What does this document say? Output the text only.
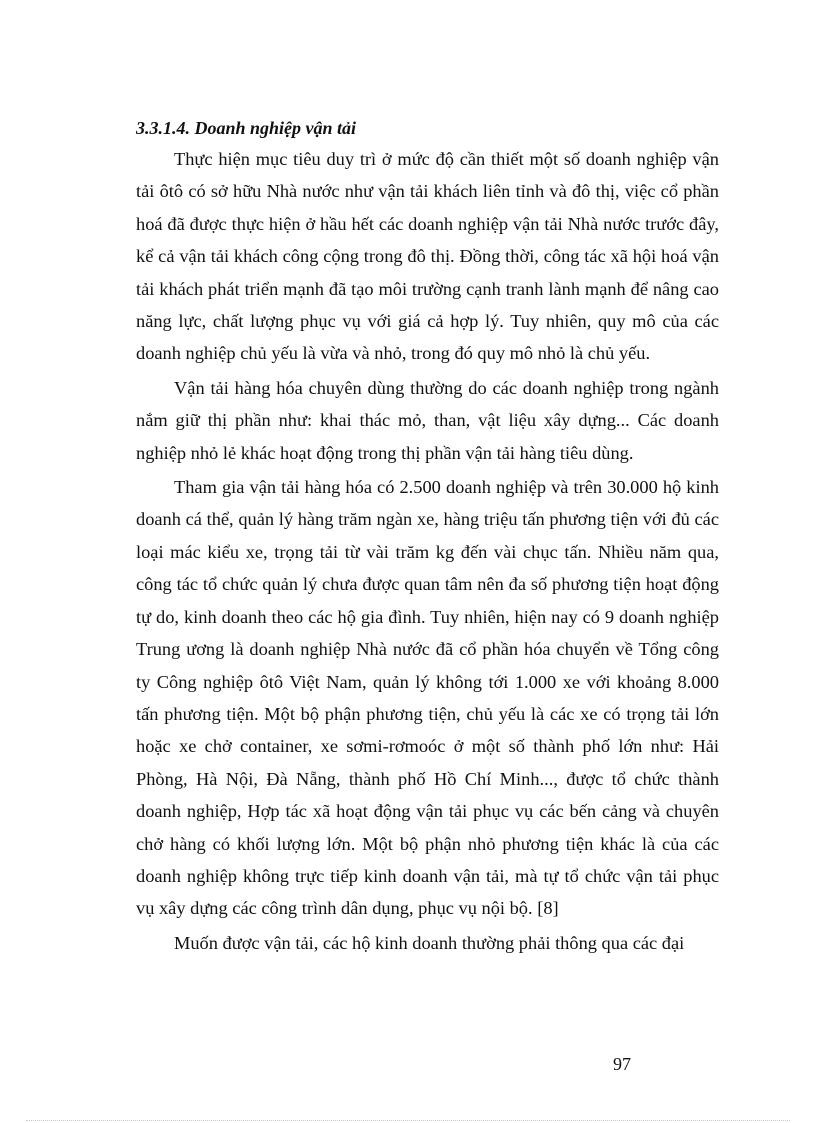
3.3.1.4. Doanh nghiệp vận tải

Thực hiện mục tiêu duy trì ở mức độ cần thiết một số doanh nghiệp vận tải ôtô có sở hữu Nhà nước như vận tải khách liên tỉnh và đô thị, việc cổ phần hoá đã được thực hiện ở hầu hết các doanh nghiệp vận tải Nhà nước trước đây, kể cả vận tải khách công cộng trong đô thị. Đồng thời, công tác xã hội hoá vận tải khách phát triển mạnh đã tạo môi trường cạnh tranh lành mạnh để nâng cao năng lực, chất lượng phục vụ với giá cả hợp lý. Tuy nhiên, quy mô của các doanh nghiệp chủ yếu là vừa và nhỏ, trong đó quy mô nhỏ là chủ yếu.

Vận tải hàng hóa chuyên dùng thường do các doanh nghiệp trong ngành nắm giữ thị phần như: khai thác mỏ, than, vật liệu xây dựng... Các doanh nghiệp nhỏ lẻ khác hoạt động trong thị phần vận tải hàng tiêu dùng.

Tham gia vận tải hàng hóa có 2.500 doanh nghiệp và trên 30.000 hộ kinh doanh cá thể, quản lý hàng trăm ngàn xe, hàng triệu tấn phương tiện với đủ các loại mác kiểu xe, trọng tải từ vài trăm kg đến vài chục tấn. Nhiều năm qua, công tác tổ chức quản lý chưa được quan tâm nên đa số phương tiện hoạt động tự do, kinh doanh theo các hộ gia đình. Tuy nhiên, hiện nay có 9 doanh nghiệp Trung ương là doanh nghiệp Nhà nước đã cổ phần hóa chuyển về Tổng công ty Công nghiệp ôtô Việt Nam, quản lý không tới 1.000 xe với khoảng 8.000 tấn phương tiện. Một bộ phận phương tiện, chủ yếu là các xe có trọng tải lớn hoặc xe chở container, xe sơmi-rơmoóc ở một số thành phố lớn như: Hải Phòng, Hà Nội, Đà Nẵng, thành phố Hồ Chí Minh..., được tổ chức thành doanh nghiệp, Hợp tác xã hoạt động vận tải phục vụ các bến cảng và chuyên chở hàng có khối lượng lớn. Một bộ phận nhỏ phương tiện khác là của các doanh nghiệp không trực tiếp kinh doanh vận tải, mà tự tổ chức vận tải phục vụ xây dựng các công trình dân dụng, phục vụ nội bộ. [8]

Muốn được vận tải, các hộ kinh doanh thường phải thông qua các đại

97
